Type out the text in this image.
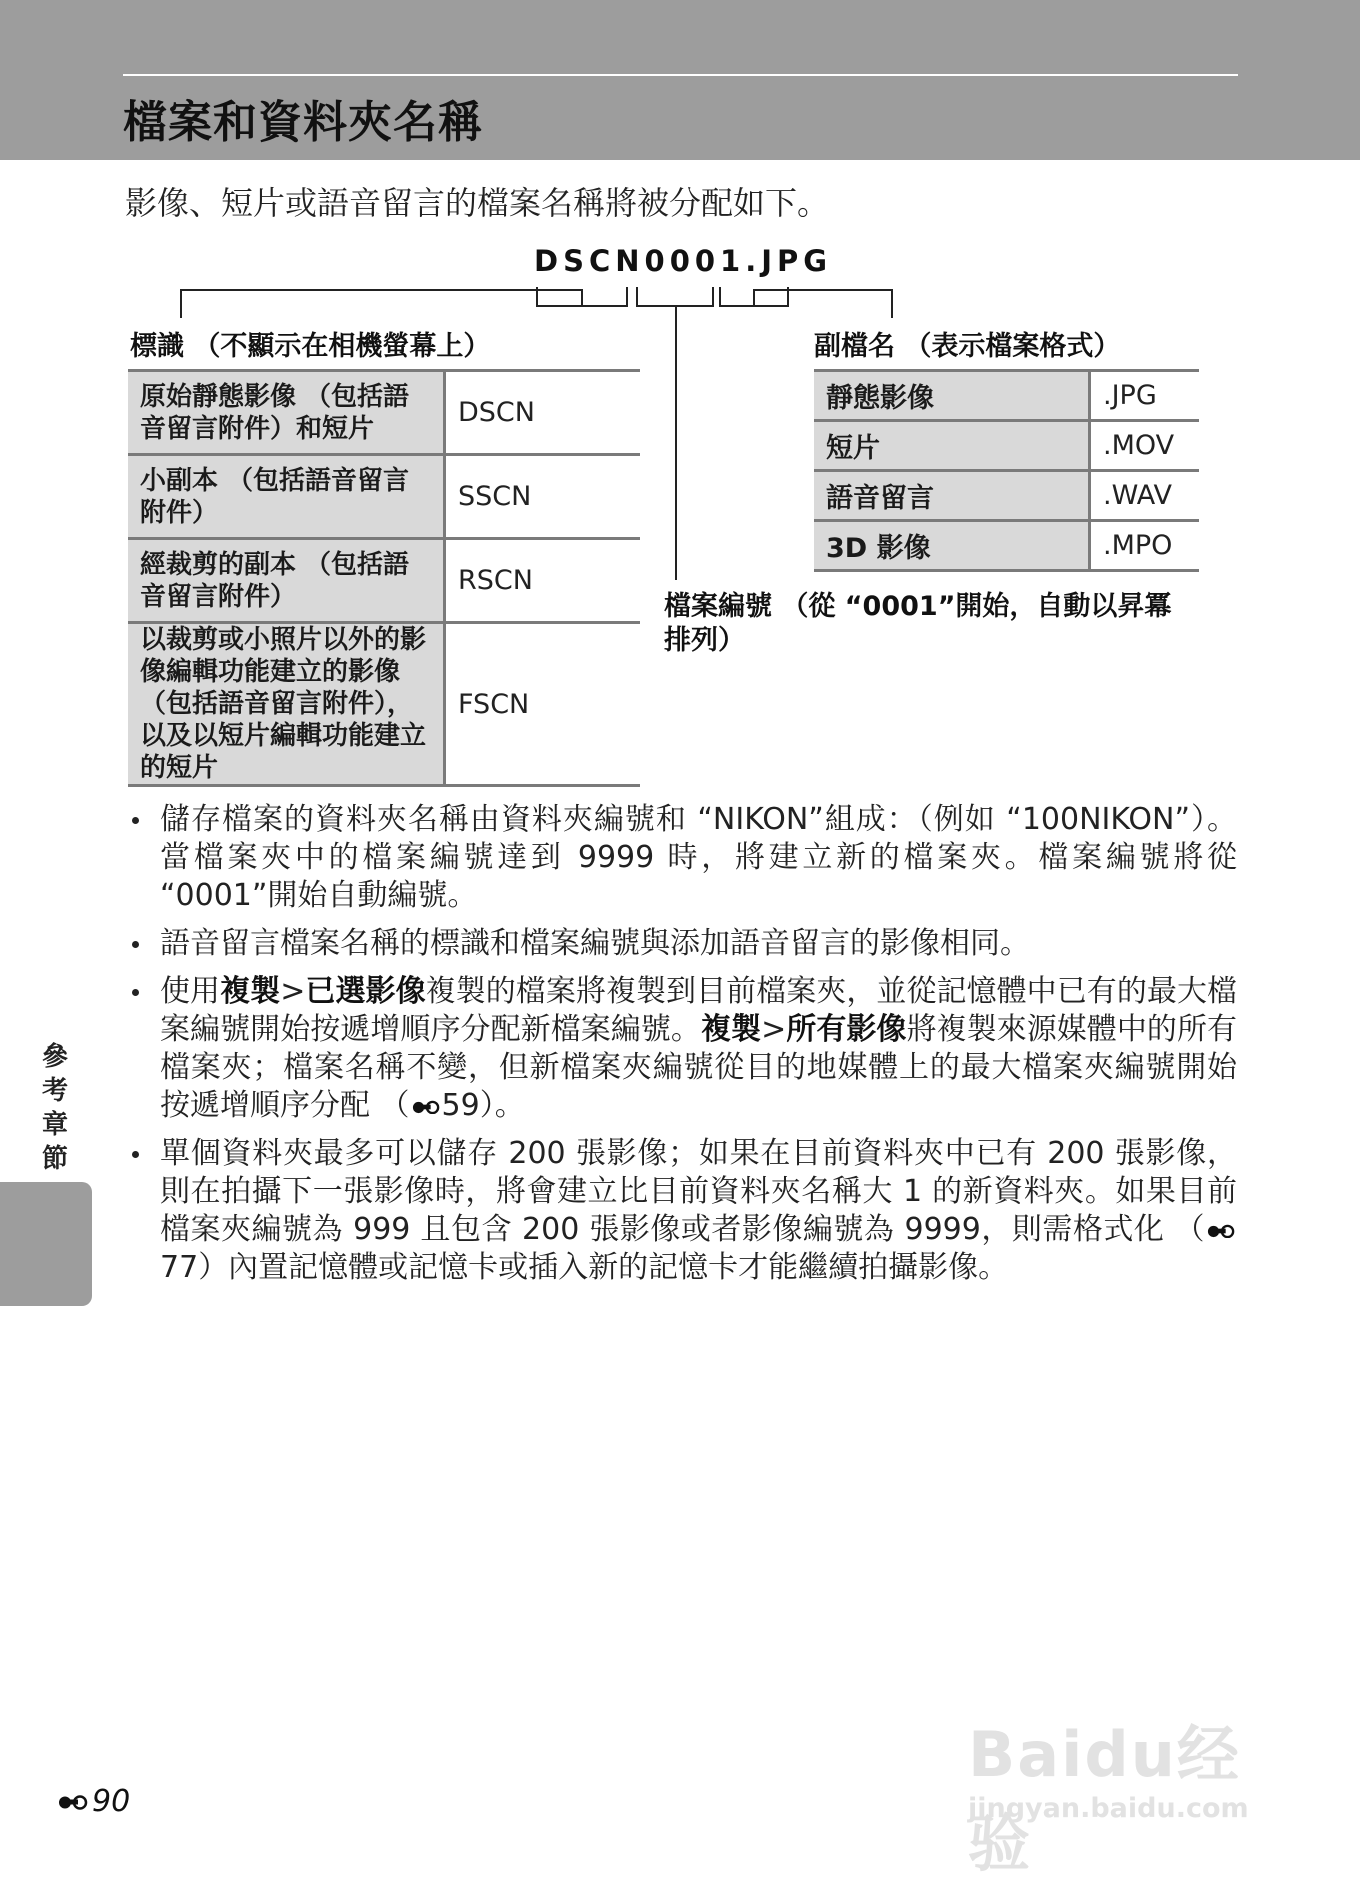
檔案和資料夾名稱
影像、短片或語音留言的檔案名稱將被分配如下。
DSCN0001.JPG
標識 （不顯示在相機螢幕上）
原始靜態影像 （包括語音留言附件）和短片	DSCN
小副本 （包括語音留言附件）	SSCN
經裁剪的副本 （包括語音留言附件）	RSCN
以裁剪或小照片以外的影像編輯功能建立的影像 （包括語音留言附件），以及以短片編輯功能建立的短片	FSCN
副檔名 （表示檔案格式）
靜態影像	.JPG
短片	.MOV
語音留言	.WAV
3D 影像	.MPO
檔案編號 （從 “0001”開始，自動以昇冪排列）
儲存檔案的資料夾名稱由資料夾編號和 “NIKON”組成：（例如 “100NIKON”）。當檔案夾中的檔案編號達到 9999 時，將建立新的檔案夾。檔案編號將從 “0001”開始自動編號。
語音留言檔案名稱的標識和檔案編號與添加語音留言的影像相同。
使用複製>已選影像複製的檔案將複製到目前檔案夾，並從記憶體中已有的最大檔案編號開始按遞增順序分配新檔案編號。複製>所有影像將複製來源媒體中的所有檔案夾；檔案名稱不變，但新檔案夾編號從目的地媒體上的最大檔案夾編號開始按遞增順序分配 （ 59）。
單個資料夾最多可以儲存 200 張影像；如果在目前資料夾中已有 200 張影像，則在拍攝下一張影像時，將會建立比目前資料夾名稱大 1 的新資料夾。如果目前檔案夾編號為 999 且包含 200 張影像或者影像編號為 9999，則需格式化 （77）內置記憶體或記憶卡或插入新的記憶卡才能繼續拍攝影像。
參考章節
90
Baidu经验
jingyan.baidu.com
